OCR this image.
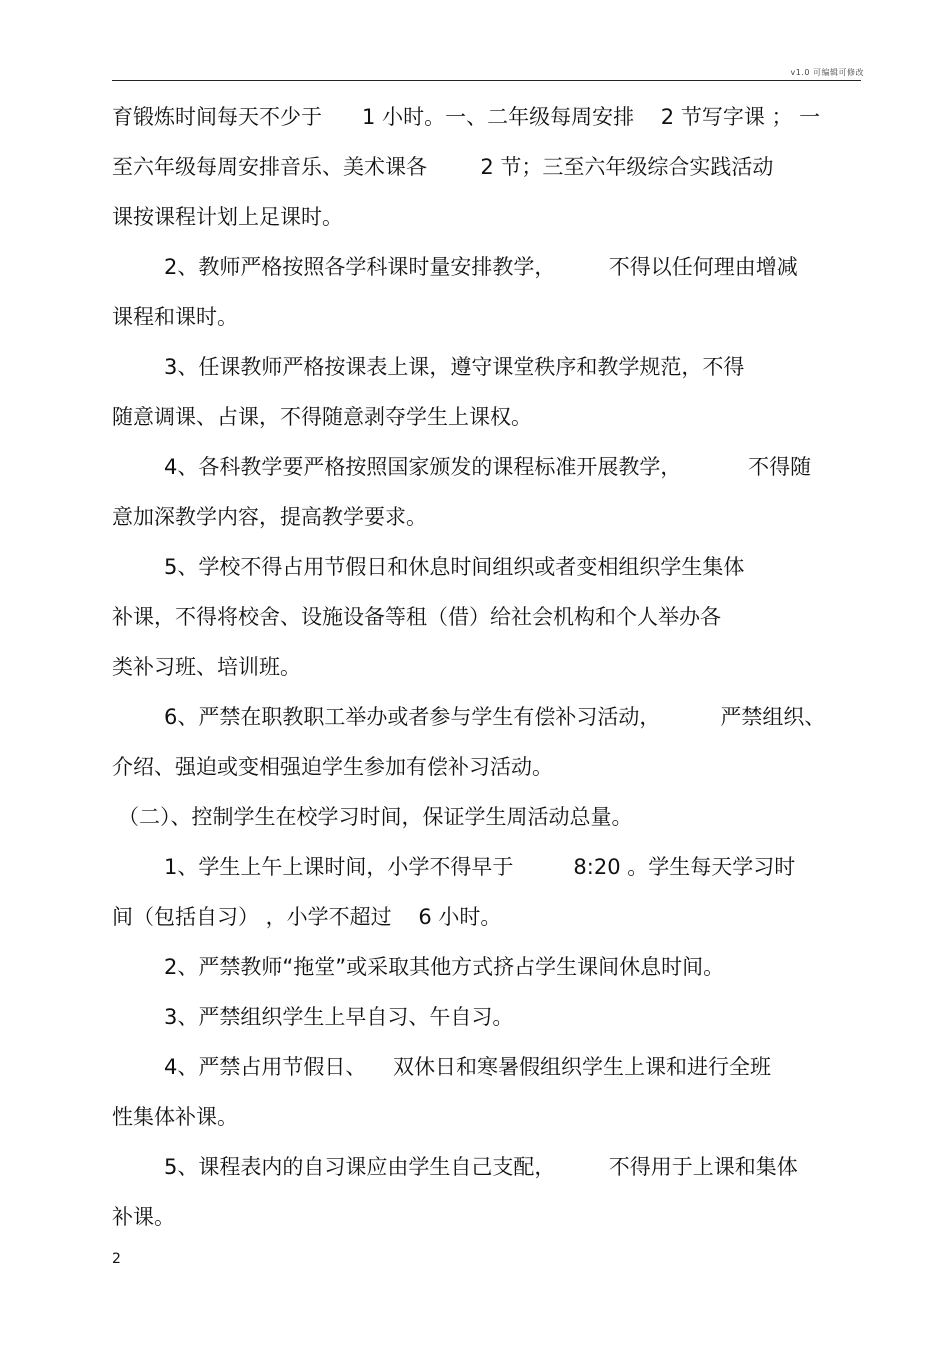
v1.0 可编辑可修改
育锻炼时间每天不少于      1 小时。一、二年级每周安排    2 节写字课 ； 一
至六年级每周安排音乐、美术课各        2 节；三至六年级综合实践活动
课按课程计划上足课时。
2、教师严格按照各学科课时量安排教学，        不得以任何理由增减
课程和课时。
3、任课教师严格按课表上课，遵守课堂秩序和教学规范，不得
随意调课、占课，不得随意剥夺学生上课权。
4、各科教学要严格按照国家颁发的课程标准开展教学，          不得随
意加深教学内容，提高教学要求。
5、学校不得占用节假日和休息时间组织或者变相组织学生集体
补课，不得将校舍、设施设备等租（借）给社会机构和个人举办各
类补习班、培训班。
6、严禁在职教职工举办或者参与学生有偿补习活动，         严禁组织、
介绍、强迫或变相强迫学生参加有偿补习活动。
（二）、控制学生在校学习时间，保证学生周活动总量。
1、学生上午上课时间，小学不得早于         8:20 。学生每天学习时
间（包括自习） ，小学不超过    6 小时。
2、严禁教师“拖堂”或采取其他方式挤占学生课间休息时间。
3、严禁组织学生上早自习、午自习。
4、严禁占用节假日、    双休日和寒暑假组织学生上课和进行全班
性集体补课。
5、课程表内的自习课应由学生自己支配，        不得用于上课和集体
补课。
2
